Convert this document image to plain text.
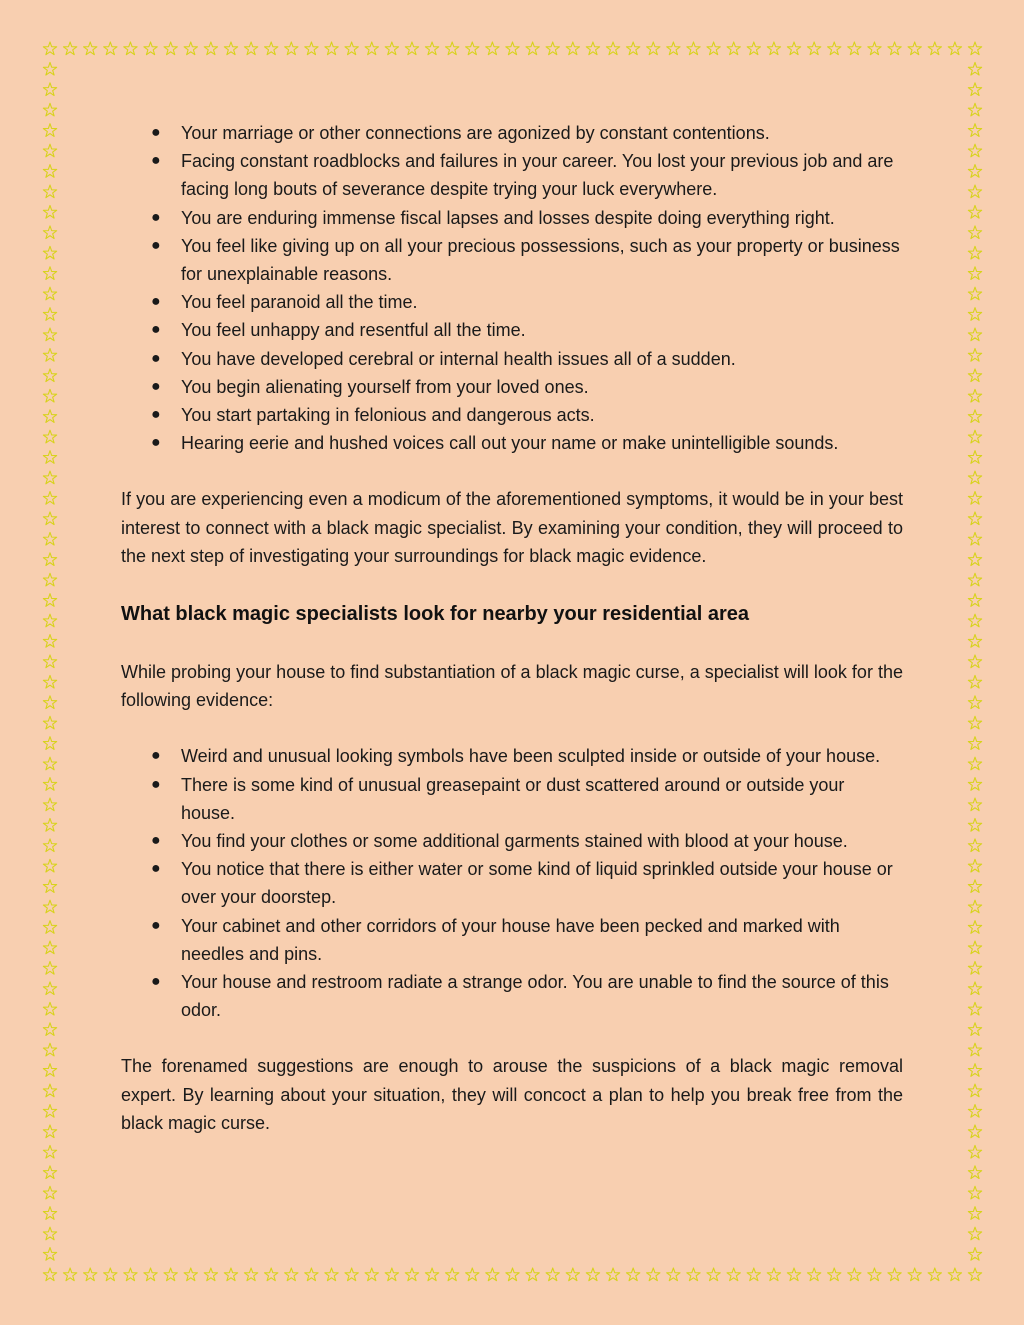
● Your marriage or other connections are agonized by constant contentions.
● Facing constant roadblocks and failures in your career. You lost your previous job and are facing long bouts of severance despite trying your luck everywhere.
● You are enduring immense fiscal lapses and losses despite doing everything right.
● You feel like giving up on all your precious possessions, such as your property or business for unexplainable reasons.
● You feel paranoid all the time.
● You feel unhappy and resentful all the time.
● You have developed cerebral or internal health issues all of a sudden.
● You begin alienating yourself from your loved ones.
● You start partaking in felonious and dangerous acts.
● Hearing eerie and hushed voices call out your name or make unintelligible sounds.

If you are experiencing even a modicum of the aforementioned symptoms, it would be in your best interest to connect with a black magic specialist. By examining your condition, they will proceed to the next step of investigating your surroundings for black magic evidence.

What black magic specialists look for nearby your residential area

While probing your house to find substantiation of a black magic curse, a specialist will look for the following evidence:

● Weird and unusual looking symbols have been sculpted inside or outside of your house.
● There is some kind of unusual greasepaint or dust scattered around or outside your house.
● You find your clothes or some additional garments stained with blood at your house.
● You notice that there is either water or some kind of liquid sprinkled outside your house or over your doorstep.
● Your cabinet and other corridors of your house have been pecked and marked with needles and pins.
● Your house and restroom radiate a strange odor. You are unable to find the source of this odor.

The forenamed suggestions are enough to arouse the suspicions of a black magic removal expert. By learning about your situation, they will concoct a plan to help you break free from the black magic curse.
